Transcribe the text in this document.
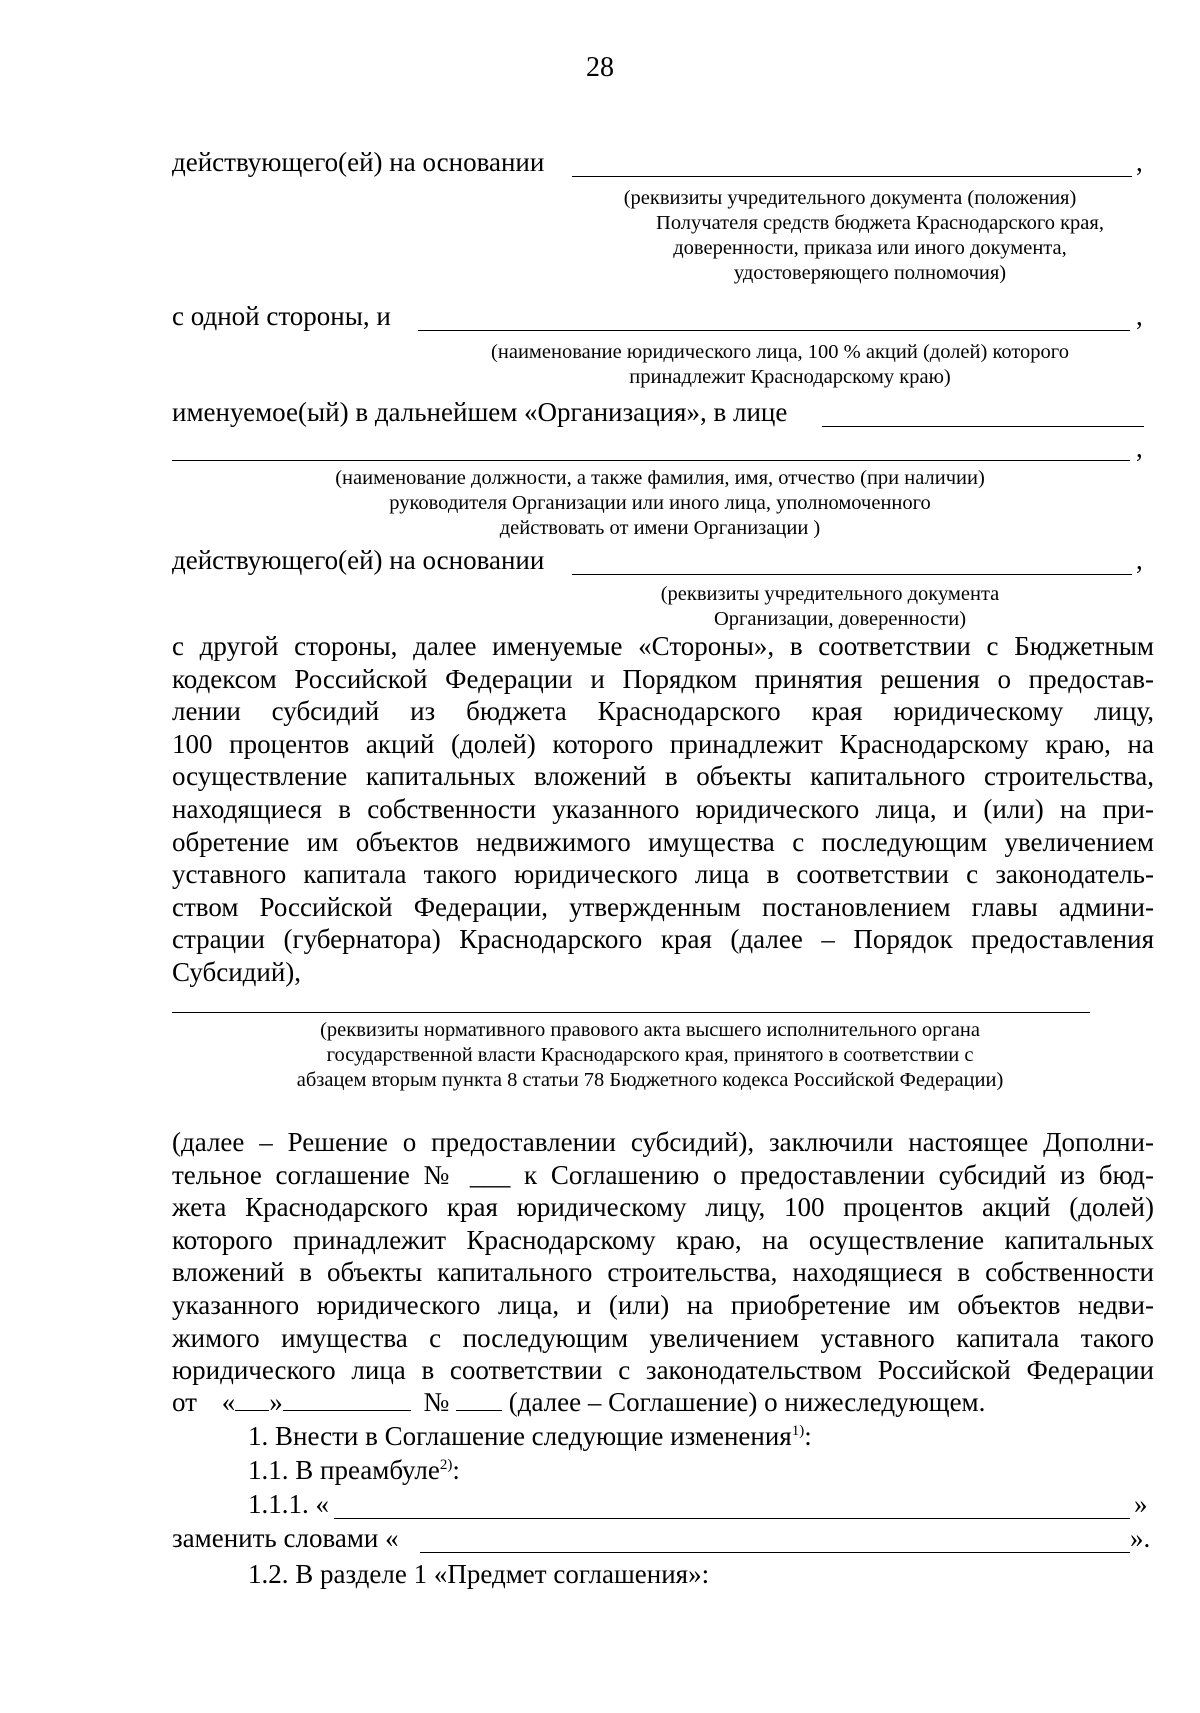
28
действующего(ей) на основании	,
(реквизиты учредительного документа (положения)
Получателя средств бюджета Краснодарского края,
доверенности, приказа или иного документа,
удостоверяющего полномочия)
с одной стороны, и	,
(наименование юридического лица, 100 % акций (долей) которого
принадлежит Краснодарскому краю)
именуемое(ый) в дальнейшем «Организация», в лице
,
(наименование должности, а также фамилия, имя, отчество (при наличии)
руководителя Организации или иного лица, уполномоченного
действовать от имени Организации )
действующего(ей) на основании	,
(реквизиты учредительного документа
Организации, доверенности)
с другой стороны, далее именуемые «Стороны», в соответствии с Бюджетным
кодексом Российской Федерации и Порядком принятия решения о предостав-
лении субсидий из бюджета Краснодарского края юридическому лицу,
100 процентов акций (долей) которого принадлежит Краснодарскому краю, на
осуществление капитальных вложений в объекты капитального строительства,
находящиеся в собственности указанного юридического лица, и (или) на при-
обретение им объектов недвижимого имущества с последующим увеличением
уставного капитала такого юридического лица в соответствии с законодатель-
ством Российской Федерации, утвержденным постановлением главы админи-
страции (губернатора) Краснодарского края (далее – Порядок предоставления
Субсидий),
(реквизиты нормативного правового акта высшего исполнительного органа
государственной власти Краснодарского края, принятого в соответствии с
абзацем вторым пункта 8 статьи 78 Бюджетного кодекса Российской Федерации)
(далее – Решение о предоставлении субсидий), заключили настоящее Дополни-
тельное соглашение № ___ к Соглашению о предоставлении субсидий из бюд-
жета Краснодарского края юридическому лицу, 100 процентов акций (долей)
которого принадлежит Краснодарскому краю, на осуществление капитальных
вложений в объекты капитального строительства, находящиеся в собственности
указанного юридического лица, и (или) на приобретение им объектов недви-
жимого имущества с последующим увеличением уставного капитала такого
юридического лица в соответствии с законодательством Российской Федерации
от « »	№ (далее – Соглашение) о нижеследующем.
1. Внести в Соглашение следующие изменения$^{1)}$:
1.1. В преамбуле$^{2)}$:
1.1.1. «	»
заменить словами «	».
1.2. В разделе 1 «Предмет соглашения»:
